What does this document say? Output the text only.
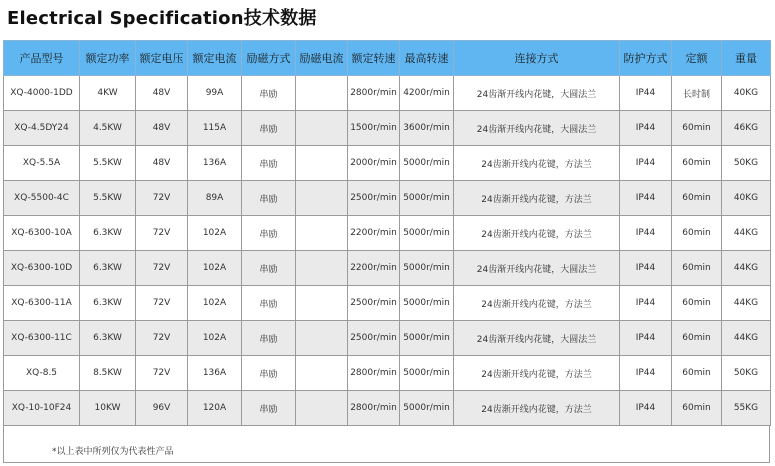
Electrical Specification技术数据
产品型号	额定功率	额定电压	额定电流	励磁方式	励磁电流	额定转速	最高转速	连接方式	防护方式	定额	重量
XQ-4000-1DD	4KW	48V	99A	串励		2800r/min	4200r/min	24齿渐开线内花键，大圆法兰	IP44	长时制	40KG
XQ-4.5DY24	4.5KW	48V	115A	串励		1500r/min	3600r/min	24齿渐开线内花键，大圆法兰	IP44	60min	46KG
XQ-5.5A	5.5KW	48V	136A	串励		2000r/min	5000r/min	24齿渐开线内花键，方法兰	IP44	60min	50KG
XQ-5500-4C	5.5KW	72V	89A	串励		2500r/min	5000r/min	24齿渐开线内花键，方法兰	IP44	60min	40KG
XQ-6300-10A	6.3KW	72V	102A	串励		2200r/min	5000r/min	24齿渐开线内花键，方法兰	IP44	60min	44KG
XQ-6300-10D	6.3KW	72V	102A	串励		2200r/min	5000r/min	24齿渐开线内花键，大圆法兰	IP44	60min	44KG
XQ-6300-11A	6.3KW	72V	102A	串励		2500r/min	5000r/min	24齿渐开线内花键，方法兰	IP44	60min	44KG
XQ-6300-11C	6.3KW	72V	102A	串励		2500r/min	5000r/min	24齿渐开线内花键，大圆法兰	IP44	60min	44KG
XQ-8.5	8.5KW	72V	136A	串励		2800r/min	5000r/min	24齿渐开线内花键，方法兰	IP44	60min	50KG
XQ-10-10F24	10KW	96V	120A	串励		2800r/min	5000r/min	24齿渐开线内花键，方法兰	IP44	60min	55KG
*以上表中所列仅为代表性产品
